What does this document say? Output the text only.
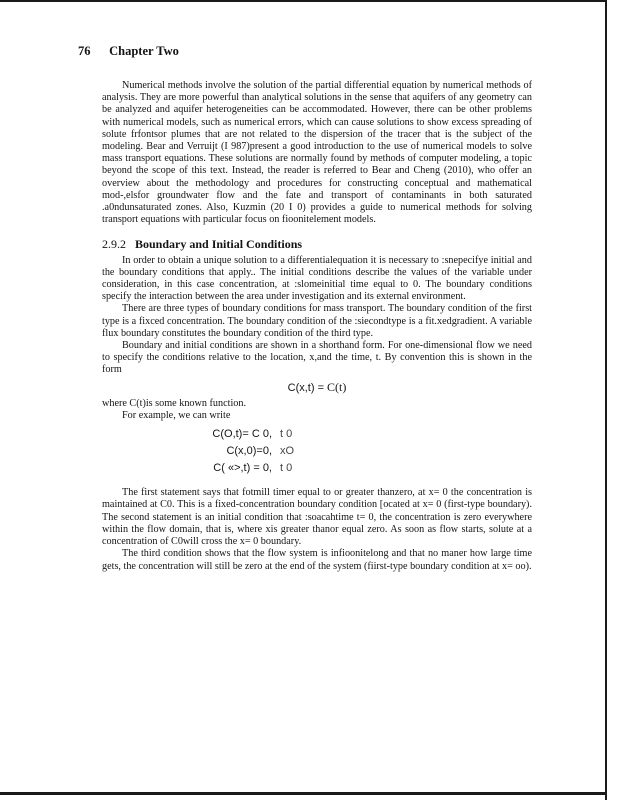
76 Chapter Two

Numerical methods involve the solution of the partial differential equation by numerical methods of analysis. They are more powerful than analytical solutions in the sense that aquifers of any geometry can be analyzed and aquifer heterogeneities can be accommodated. However, there can be other problems with numerical models, such as numerical errors, which can cause solutions to show excess spreading of solute frfontsor plumes that are not related to the dispersion of the tracer that is the subject of the modeling. Bear and Verruijt (I 987)present a good introduction to the use of numerical models to solve mass transport equations. These solutions are normally found by methods of computer modeling, a topic beyond the scope of this text. Instead, the reader is referred to Bear and Cheng (2010), who offer an overview about the methodology and procedures for constructing conceptual and mathematical mod-,elsfor groundwater flow and the fate and transport of contaminants in both saturated .a0ndunsaturated zones. Also, Kuzmin (20 I 0) provides a guide to numerical methods for solving transport equations with particular focus on fioonitelement models.

2.9.2 Boundary and Initial Conditions

In order to obtain a unique solution to a differentialequation it is necessary to :snepecifye initial and the boundary conditions that apply.. The initial conditions describe the values of the variable under consideration, in this case concentration, at :slomeinitial time equal to 0. The boundary conditions specify the interaction between the area under investigation and its external environment.

There are three types of boundary conditions for mass transport. The boundary condition of the first type is a fixced concentration. The boundary condition of the :siecondtype is a fit.xedgradient. A variable flux boundary constitutes the boundary condition of the third type.

Boundary and initial conditions are shown in a shorthand form. For one-dimensional flow we need to specify the conditions relative to the location, x,and the time, t. By convention this is shown in the form

C(x,t) = C(t)

where C(t)is some known function.

For example, we can write

C(O,t)= C 0, t 0
C(x,0)=0, xO
C( «>,t) = 0, t 0

The first statement says that fotmill timer equal to or greater thanzero, at x= 0 the concentration is maintained at C0. This is a fixed-concentration boundary condition [ocated at x= 0 (first-type boundary). The second statement is an initial condition that :soacahtime t= 0, the concentration is zero everywhere within the flow domain, that is, where xis greater thanor equal zero. As soon as flow starts, solute at a concentration of C0will cross the x= 0 boundary.

The third condition shows that the flow system is infioonitelong and that no maner how large time gets, the concentration will still be zero at the end of the system (fiirst-type boundary condition at x= oo).
